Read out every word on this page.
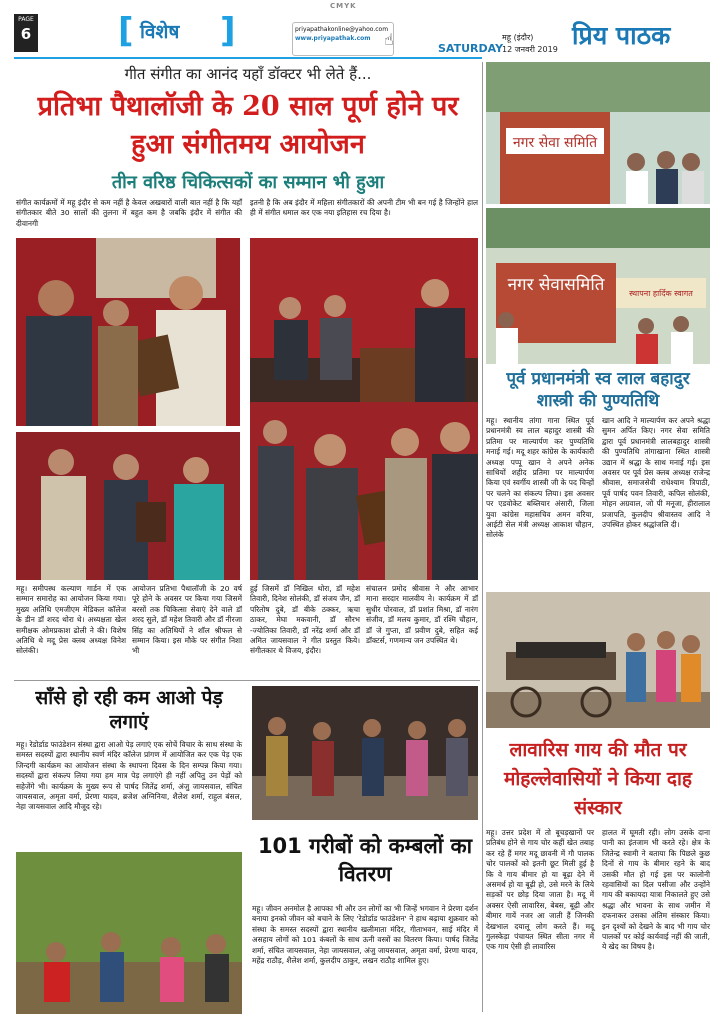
CMYK
PAGE
6	[ विशेष ]	priyapathakonline@yahoo.com
www.priyapathak.com ☝	SATURDAY
महू (इंदौर)
12 जनवरी 2019 प्रिय पाठक
गीत संगीत का आनंद यहाँ डॉक्टर भी लेते हैं...
प्रतिभा पैथालॉजी के 20 साल पूर्ण होने पर हुआ संगीतमय आयोजन
तीन वरिष्ठ चिकित्सकों का सम्मान भी हुआ
संगीत कार्यक्रमों में महू इंदौर से कम नहीं है केवल अखबारों वाली बात नहीं है कि यहाँ संगीतकार बीते 30 सालों की तुलना में बहुत कम है जबकि इंदौर में संगीत की दीवानगी
इतनी है कि अब इंदौर में महिला संगीतकारों की अपनी टीम भी बन गई है जिन्होंने हाल ही में संगीत धमाल कर एक नया इतिहास रच दिया है।
महू। समीपस्थ कल्याण गार्डन में एक सम्मान समारोह का आयोजन किया गया। मुख्य अतिथि एमजीएम मेडिकल कॉलेज के डीन डॉ शरद थोरा थे। अध्यक्षता खेल समीक्षक ओमप्रकाश ढोली ने की। विशेष अतिथि थे मदू प्रेस क्लब अध्यक्ष विनेश सोलंकी।
आयोजन प्रतिभा पैथालॉजी के 20 वर्ष पूरे होने के अवसर पर किया गया जिसमें बरसों तक चिकित्सा सेवाएं देने वाले डॉ शरद सुले, डॉ महेश तिवारी और डॉ नीरजा सिंह का अतिथियों ने शॉल श्रीफल से सम्मान किया। इस मौके पर संगीत निशा भी
हुई जिसमें डॉ निखिल थोरा, डॉ महेश तिवारी, दिनेश सोलंकी, डॉ संजय जैन, डॉ परितोष दुबे, डॉ बीके ठक्कर, ऋचा ठाकर, मेघा मकवानी, डॉ सौरभ -ज्योतिका तिवारी, डॉ नरेंद्र शर्मा और डॉ अमित जायसवाल ने गीत प्रस्तुत किये। संगीतकार थे विजय, इंदौर।
संचालन प्रमोद श्रीवास ने और आभार माना सरदार मालवीय ने। कार्यक्रम में डॉ सुधीर पोरवाल, डॉ प्रशांत मिश्रा, डॉ नारंग संजीव, डॉ मलय कुमार, डॉ रश्मि चौहान, डॉ जे गुप्ता, डॉ प्रवीण दुबे, सहित कई डॉक्टर्स, गणमान्य जन उपस्थित थे।
नगर सेवा समिति
नगर सेवासमिति	स्थापना हार्दिक स्वागत
पूर्व प्रधानमंत्री स्व लाल बहादुर शास्त्री की पुण्यतिथि
महू। स्थानीय तांगा गाना स्थित पूर्व प्रधानमंत्री स्व लाल बहादुर शास्त्री की प्रतिमा पर माल्यार्पण कर पुण्यतिथि मनाई गई। मदू शहर कांग्रेस के कार्यकारी अध्यक्ष पप्पू खान ने अपने अनेक साथियों शहीद प्रतिमा पर माल्यार्पण किया एवं स्वर्गीय शास्त्री जी के पद चिन्हों पर चलने का संकल्प लिया। इस अवसर पर एडवोकेट बब्लियार अंसारी, जिला युवा कांग्रेस महासचिव अमन वरिया, आईटी सेल मंत्री अध्यक्ष आकाश चौहान, सोलंके
खान आदि ने माल्यार्पण कर अपने श्रद्धा सुमन अर्पित किए। नगर सेवा समिति द्वारा पूर्व प्रधानमंत्री लालबहादुर शास्त्री की पुण्यतिथि तांगाखाना स्थित शास्त्री उद्यान में श्रद्धा के साथ मनाई गई। इस अवसर पर पूर्व प्रेस क्लब अध्यक्ष राजेन्द्र श्रीवास, समाजसेवी राधेश्याम त्रिपाठी, पूर्व पार्षद पवन तिवारी, कपिल सोलंकी, मोहन अग्रवाल, जो पी मनूजा, हीरालाल प्रजापति, कुलदीप श्रीवास्तव आदि ने उपस्थित होकर श्रद्धांजलि दी।
साँसे हो रही कम आओ पेड़ लगाएं
महू। रेडोर्डाड फाउंडेशन संस्था द्वारा आओ पेड़ लगाएं एक सोचें विचार के साथ संस्था के समस्त सदस्यों द्वारा स्थानीय स्वर्ण मंदिर कॉलेज प्रांगण में आयोजित कर एक पेड़ एक जिन्दगी कार्यक्रम का आयोजन संस्था के स्थापना दिवस के दिन सम्पन्न किया गया। सदस्यों द्वारा संकल्प लिया गया हम मात्र पेड़ लगाएंगे ही नहीं अपितु उन पेड़ों को सहेजेंगे भी। कार्यक्रम के मुख्य रूप से पार्षद जितेंद्र शर्मा, अंजु जायसवाल, संचित जायसवाल, अमृता वर्मा, प्रेरणा यादव, ब्रजेश अग्निनिया, शैलेश शर्मा, राहुल बंसल, नेहा जायसवाल आदि मौजूद रहे।
101 गरीबों को कम्बलों का वितरण
महू। जीवन अनमोल है आपका भी और उन लोगों का भी जिन्हें भगवान ने प्रेरणा दर्शन बनाया इनको जीवन को बचाने के लिए 'रेडोर्डाड फाउंडेशन' ने हाथ बढ़ाया शुक्रवार को संस्था के समस्त सदस्यों द्वारा स्थानीय खलीमाता मंदिर, गीताभवन, साई मंदिर में असहाय लोगों को 101 कंबलों के साथ ऊनी वस्त्रों का वितरण किया। पार्षद जितेंद्र शर्मा, संचित जायसवाल, नेहा जायसवाल, अंजु जायसवाल, अमृता वर्मा, प्रेरणा यादव, महेंद्र राठौड़, शैलेश शर्मा, कुलदीप ठाकुर, लखन राठौड़ शामिल हुए।
लावारिस गाय की मौत पर मोहल्लेवासियों ने किया दाह संस्कार
महू। उत्तर प्रदेश में तो बूचड़खानों पर प्रतिबंध होने से गाय चोर कहीं खेत तबाह कर रहे हैं मगर मदू छावनी में गौ पालक चोर पालकों को इतनी छूट मिली हुई है कि वे गाय बीमार हो या बूढ़ा देने में असमर्थ हो या बूढ़ी हो, उसे मरने के लिये सड़कों पर छोड़ दिया जाता है। मदू में अक्सर ऐसी लावारिस, बेबस, बूढ़ी और बीमार गायें नजर आ जाती हैं जिनकी देखभाल दयालू लोग करते हैं। मदू गुलस्केड़ा पंचायत स्थित सीता नगर में एक गाय ऐसी ही लावारिस
हालत में घूमती रही। लोग उसके दाना पानी का इंतजाम भी करते रहे। क्षेत्र के जितेन्द्र स्वामी ने बताया कि पिछले कुछ दिनों से गाय के बीमार रहने के बाद उसकी मौत हो गई इस पर कालोनी रहवासियों का दिल पसीजा और उन्होंने गाय की बकायदा यात्रा निकालते हुए उसे श्रद्धा और भावना के साथ जमीन में दफनाकर उसका अंतिम संस्कार किया। इन दृश्यों को देखने के बाद भी गाय चोर पालकों पर कोई कार्यवाई नहीं की जाती, ये खेद का विषय है।
